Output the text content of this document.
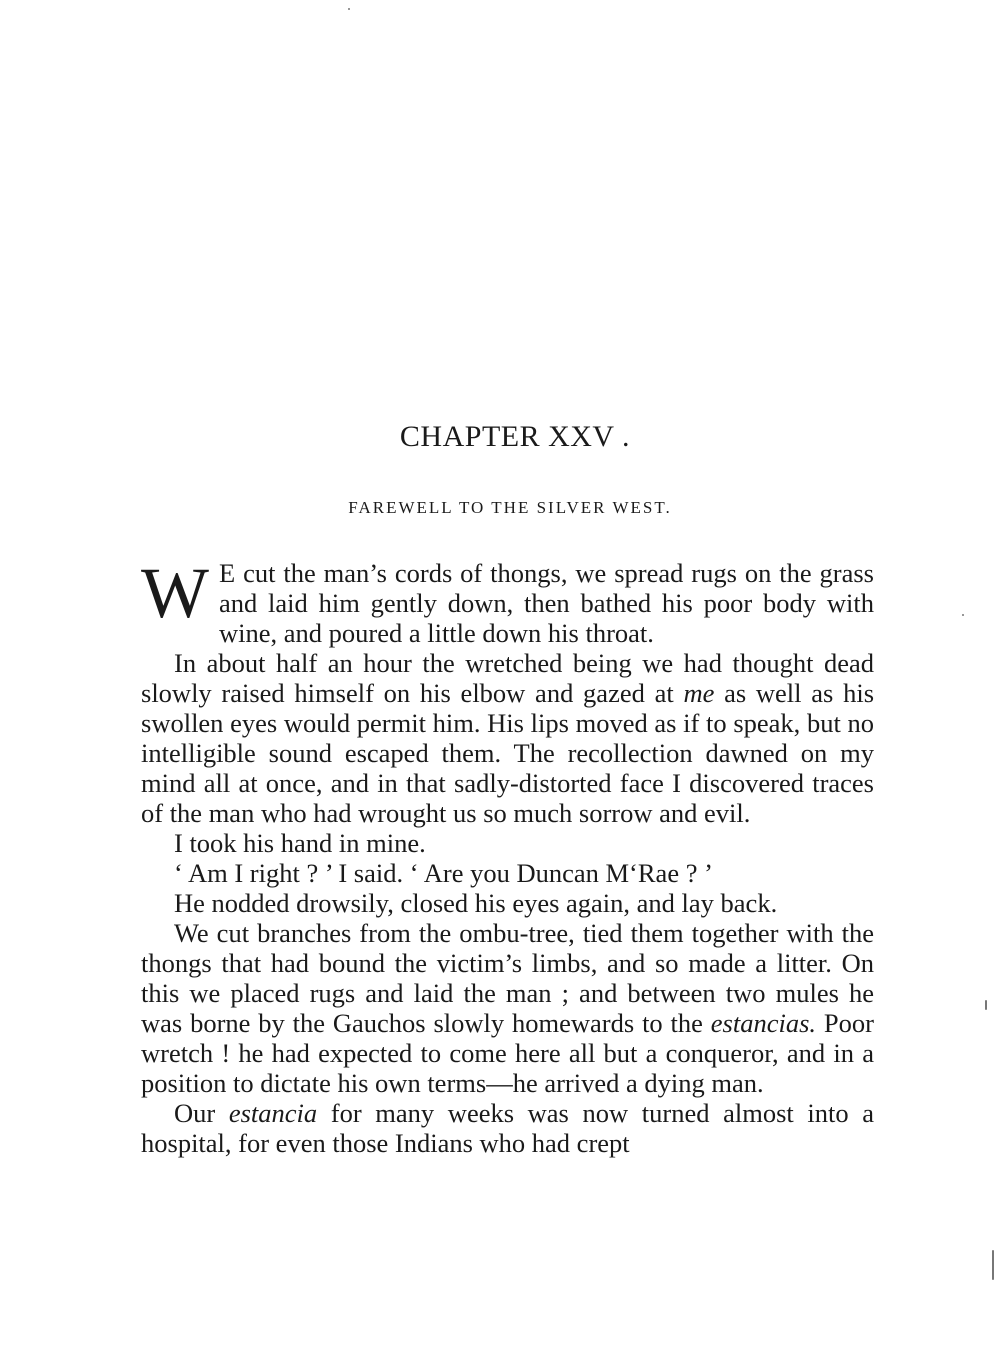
CHAPTER XXV .
FAREWELL TO THE SILVER WEST.

W E cut the man’s cords of thongs, we spread rugs on the grass and laid him gently down, then bathed his poor body with wine, and poured a little down his throat.

In about half an hour the wretched being we had thought dead slowly raised himself on his elbow and gazed at me as well as his swollen eyes would permit him. His lips moved as if to speak, but no intelligible sound escaped them. The recollection dawned on my mind all at once, and in that sadly-distorted face I discovered traces of the man who had wrought us so much sorrow and evil.

I took his hand in mine.

‘ Am I right ? ’ I said. ‘ Are you Duncan M‘Rae ? ’

He nodded drowsily, closed his eyes again, and lay back.

We cut branches from the ombu-tree, tied them together with the thongs that had bound the victim’s limbs, and so made a litter. On this we placed rugs and laid the man ; and between two mules he was borne by the Gauchos slowly homewards to the estancias. Poor wretch ! he had expected to come here all but a conqueror, and in a position to dictate his own terms—he arrived a dying man.

Our estancia for many weeks was now turned almost into a hospital, for even those Indians who had crept
